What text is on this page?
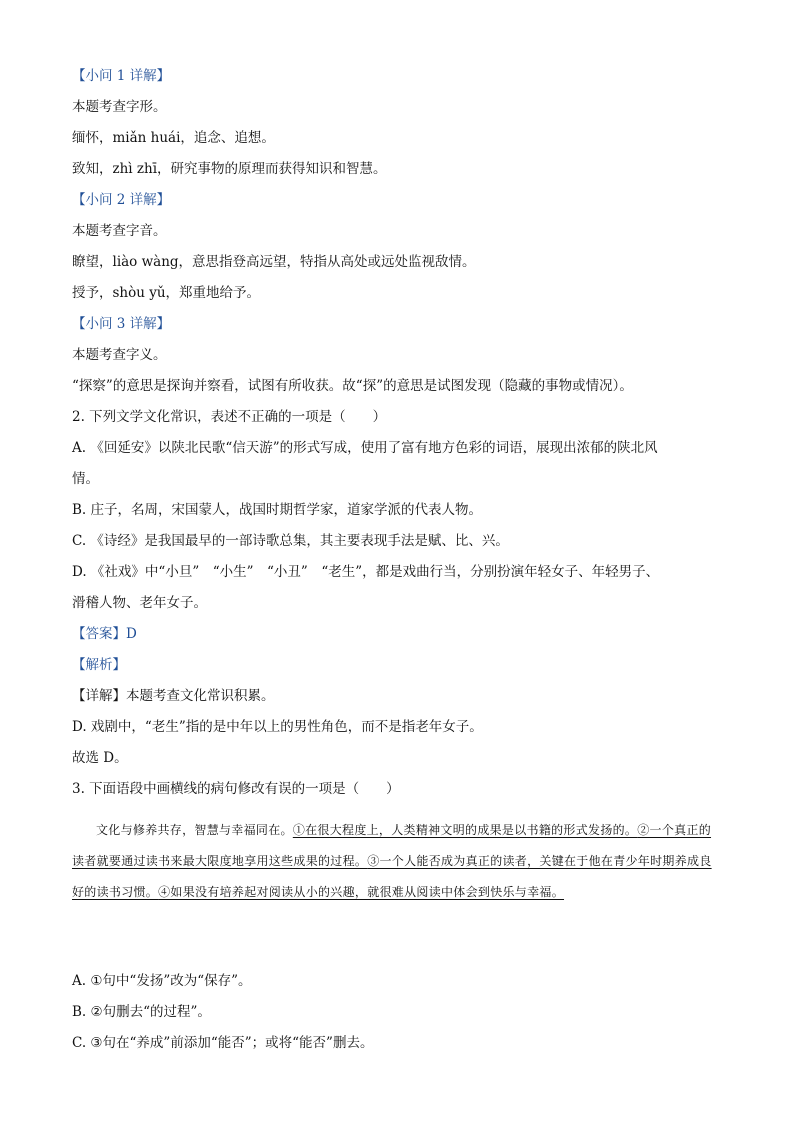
【小问 1 详解】
本题考查字形。
缅怀，miǎn huái，追念、追想。
致知，zhì zhī，研究事物的原理而获得知识和智慧。
【小问 2 详解】
本题考查字音。
瞭望，liào wàng，意思指登高远望，特指从高处或远处监视敌情。
授予，shòu yǔ，郑重地给予。
【小问 3 详解】
本题考查字义。
“探察”的意思是探询并察看，试图有所收获。故“探”的意思是试图发现（隐藏的事物或情况）。
2. 下列文学文化常识，表述不正确的一项是（　　）
A. 《回延安》以陕北民歌“信天游”的形式写成，使用了富有地方色彩的词语，展现出浓郁的陕北风
情。
B. 庄子，名周，宋国蒙人，战国时期哲学家，道家学派的代表人物。
C. 《诗经》是我国最早的一部诗歌总集，其主要表现手法是赋、比、兴。
D. 《社戏》中“小旦”　“小生”　“小丑”　“老生”，都是戏曲行当，分别扮演年轻女子、年轻男子、
滑稽人物、老年女子。
【答案】D
【解析】
【详解】本题考查文化常识积累。
D. 戏剧中，“老生”指的是中年以上的男性角色，而不是指老年女子。
故选 D。
3. 下面语段中画横线的病句修改有误的一项是（　　）
文化与修养共存，智慧与幸福同在。①在很大程度上，人类精神文明的成果是以书籍的形式发扬的。②一个真正的读者就要通过读书来最大限度地享用这些成果的过程。③一个人能否成为真正的读者，关键在于他在青少年时期养成良好的读书习惯。④如果没有培养起对阅读从小的兴趣，就很难从阅读中体会到快乐与幸福。
A. ①句中“发扬”改为“保存”。
B. ②句删去“的过程”。
C. ③句在“养成”前添加“能否”；或将“能否”删去。
